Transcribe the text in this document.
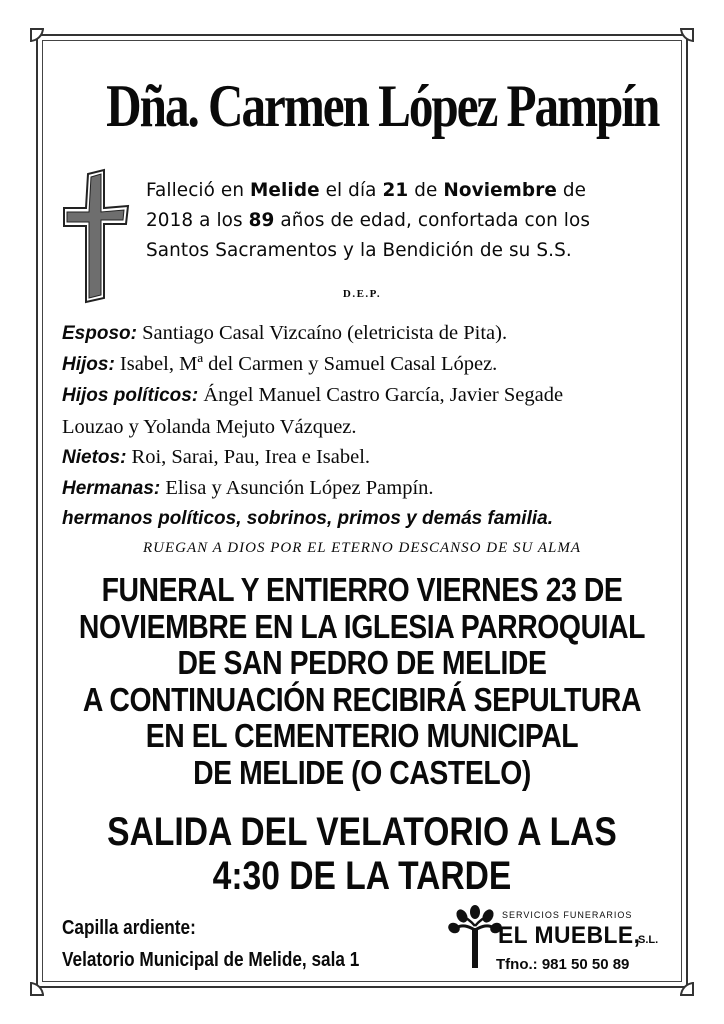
Dña. Carmen López Pampín
Falleció en Melide el día 21 de Noviembre de
2018 a los 89 años de edad, confortada con los
Santos Sacramentos y la Bendición de su S.S.
D.E.P.
Esposo: Santiago Casal Vizcaíno (eletricista de Pita).
Hijos: Isabel, Mª del Carmen y Samuel Casal López.
Hijos políticos: Ángel Manuel Castro García, Javier Segade
Louzao y Yolanda Mejuto Vázquez.
Nietos: Roi, Sarai, Pau, Irea e Isabel.
Hermanas: Elisa y Asunción López Pampín.
hermanos políticos, sobrinos, primos y demás familia.
RUEGAN A DIOS POR EL ETERNO DESCANSO DE SU ALMA
FUNERAL Y ENTIERRO VIERNES 23 DE
NOVIEMBRE EN LA IGLESIA PARROQUIAL
DE SAN PEDRO DE MELIDE
A CONTINUACIÓN RECIBIRÁ SEPULTURA
EN EL CEMENTERIO MUNICIPAL
DE MELIDE (O CASTELO)
SALIDA DEL VELATORIO A LAS
4:30 DE LA TARDE
Capilla ardiente:
Velatorio Municipal de Melide, sala 1
SERVICIOS FUNERARIOS
EL MUEBLE,
S.L.
Tfno.: 981 50 50 89
